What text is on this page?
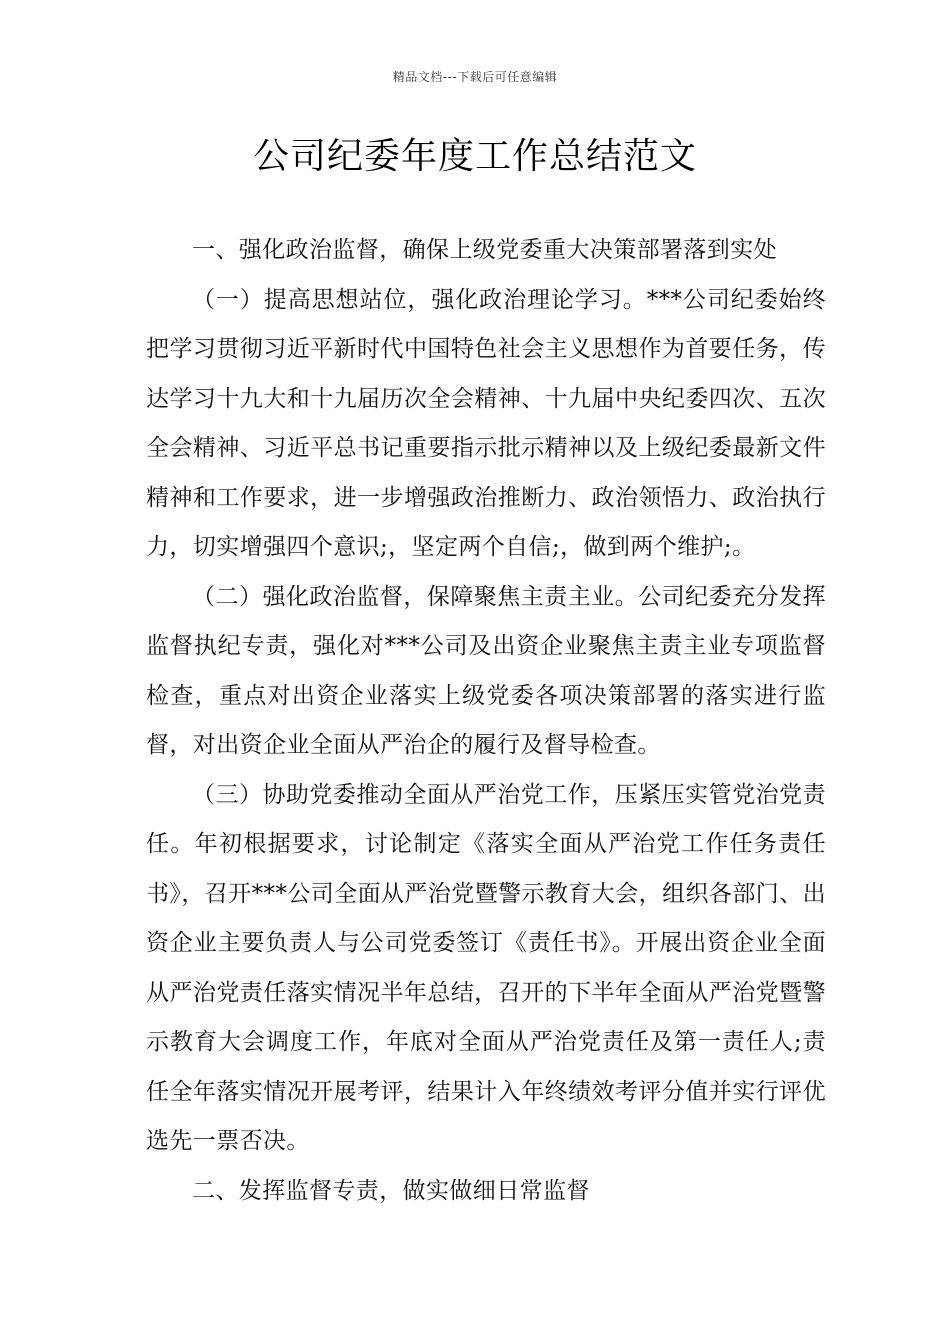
精品文档---下载后可任意编辑
公司纪委年度工作总结范文

一、强化政治监督，确保上级党委重大决策部署落到实处

（一）提高思想站位，强化政治理论学习。***公司纪委始终把学习贯彻习近平新时代中国特色社会主义思想作为首要任务，传达学习十九大和十九届历次全会精神、十九届中央纪委四次、五次全会精神、习近平总书记重要指示批示精神以及上级纪委最新文件精神和工作要求，进一步增强政治推断力、政治领悟力、政治执行力，切实增强四个意识;，坚定两个自信;，做到两个维护;。

（二）强化政治监督，保障聚焦主责主业。公司纪委充分发挥监督执纪专责，强化对***公司及出资企业聚焦主责主业专项监督检查，重点对出资企业落实上级党委各项决策部署的落实进行监督，对出资企业全面从严治企的履行及督导检查。

（三）协助党委推动全面从严治党工作，压紧压实管党治党责任。年初根据要求，讨论制定《落实全面从严治党工作任务责任书》，召开***公司全面从严治党暨警示教育大会，组织各部门、出资企业主要负责人与公司党委签订《责任书》。开展出资企业全面从严治党责任落实情况半年总结，召开的下半年全面从严治党暨警示教育大会调度工作，年底对全面从严治党责任及第一责任人;责任全年落实情况开展考评，结果计入年终绩效考评分值并实行评优选先一票否决。

二、发挥监督专责，做实做细日常监督
